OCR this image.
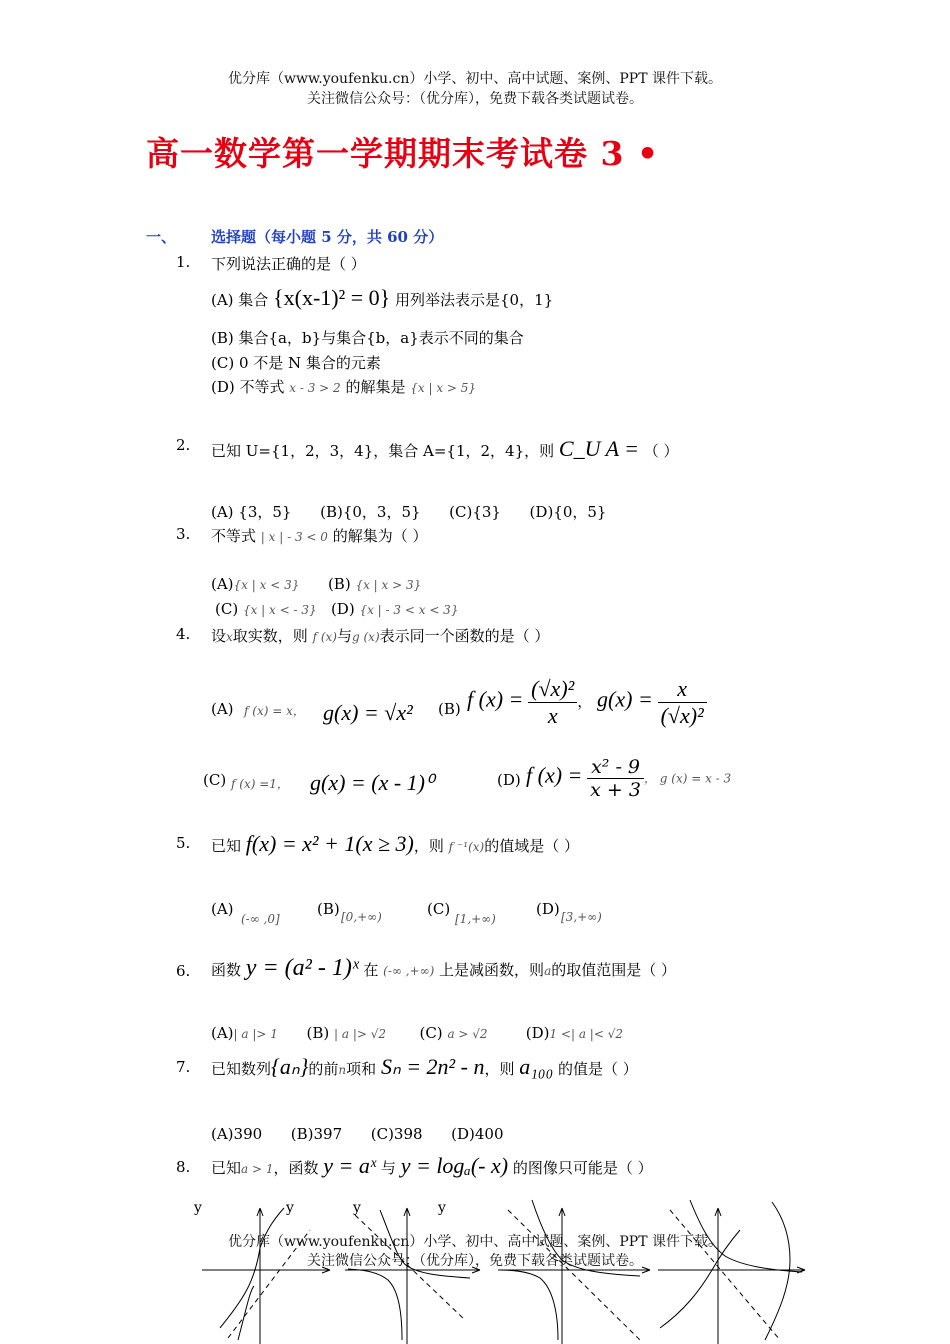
优分库（www.youfenku.cn）小学、初中、高中试题、案例、PPT 课件下载。
关注微信公众号：（优分库），免费下载各类试题试卷。
高一数学第一学期期末考试卷 3 •
一、 选择题（每小题 5 分，共 60 分）
1. 下列说法正确的是（ ）
(A) 集合 {x(x-1)² = 0} 用列举法表示是{0，1}
(B) 集合{a，b}与集合{b，a}表示不同的集合
(C) 0 不是 N 集合的元素
(D) 不等式 x - 3 > 2 的解集是 {x | x > 5}
2. 已知 U={1，2，3，4}，集合 A={1，2，4}，则 C_U A = （ ）
(A) {3，5}      (B){0，3，5}      (C){3}      (D){0，5}
3. 不等式 | x | - 3 < 0 的解集为（ ）
(A){x | x < 3} (B) {x | x > 3}
(C) {x | x < - 3} (D) {x | - 3 < x < 3}
4. 设x取实数，则 f (x)与g (x)表示同一个函数的是（ ）
(A) f (x) = x， g(x) = √x² (B) f $(x) = \frac{\text{(√x)²}}{x}$ ， $g(x) = \frac{x}{\text{(√x)²}}$
(C) f (x) =1， g(x) = (x - 1)⁰	(D) f $(x) = \frac{\text{x² - 9}}{x + 3}$ ， g (x) = x - 3
5. 已知 f(x) = x² + 1(x ≥ 3)，则 f ⁻¹(x)的值域是（ ）
(A)
(-∞ ,0]
(B) [0,+∞)	(C)
[1,+∞)
(D) [3,+∞)
6. 函数 y = (a² - 1)ˣ 在 (-∞ ,+∞) 上是减函数，则a的取值范围是（ ）
(A)| a |> 1 (B) | a |> √2 (C) a > √2	(D)1 <| a |< √2
7. 已知数列{aₙ}的前n项和 Sₙ = 2n² - n，则 a₁₀₀ 的值是（ ）
(A)390      (B)397      (C)398      (D)400
8. 已知a > 1，函数 y = aˣ 与 y = logₐ(- x) 的图像只可能是（ ）
y	y	y	y
优分库（www.youfenku.cn）小学、初中、高中试题、案例、PPT 课件下载。
关注微信公众号：（优分库），免费下载各类试题试卷。
